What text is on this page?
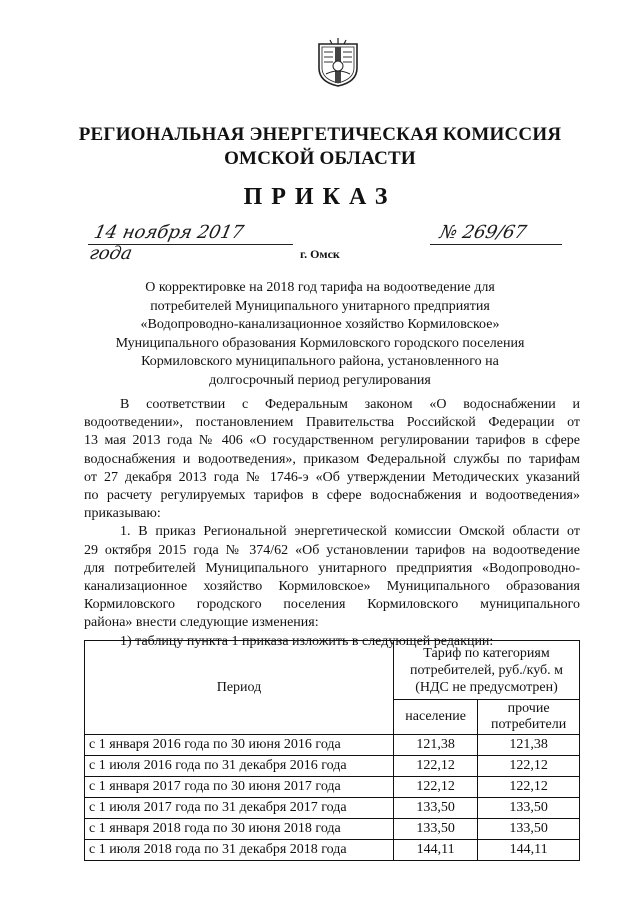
РЕГИОНАЛЬНАЯ ЭНЕРГЕТИЧЕСКАЯ КОМИССИЯ
ОМСКОЙ ОБЛАСТИ
ПРИКАЗ
14 ноября 2017 года
№ 269/67
г. Омск
О корректировке на 2018 год тарифа на водоотведение для
потребителей Муниципального унитарного предприятия
«Водопроводно-канализационное хозяйство Кормиловское»
Муниципального образования Кормиловского городского поселения
Кормиловского муниципального района, установленного на
долгосрочный период регулирования
В соответствии с Федеральным законом «О водоснабжении и
водоотведении», постановлением Правительства Российской Федерации от
13 мая 2013 года № 406 «О государственном регулировании тарифов в сфере
водоснабжения и водоотведения», приказом Федеральной службы по тарифам
от 27 декабря 2013 года № 1746-э «Об утверждении Методических указаний
по расчету регулируемых тарифов в сфере водоснабжения и водоотведения»
приказываю:
1. В приказ Региональной энергетической комиссии Омской области от
29 октября 2015 года № 374/62 «Об установлении тарифов на водоотведение
для потребителей Муниципального унитарного предприятия «Водопроводно-
канализационное хозяйство Кормиловское» Муниципального образования
Кормиловского городского поселения Кормиловского муниципального
района» внести следующие изменения:
1) таблицу пункта 1 приказа изложить в следующей редакции:
Период	Тариф по категориям
потребителей, руб./куб. м
(НДС не предусмотрен)	

	население	прочие
потребители

с 1 января 2016 года по 30 июня 2016 года	121,38	121,38
с 1 июля 2016 года по 31 декабря 2016 года	122,12	122,12
с 1 января 2017 года по 30 июня 2017 года	122,12	122,12
с 1 июля 2017 года по 31 декабря 2017 года	133,50	133,50
с 1 января 2018 года по 30 июня 2018 года	133,50	133,50
с 1 июля 2018 года по 31 декабря 2018 года	144,11	144,11
